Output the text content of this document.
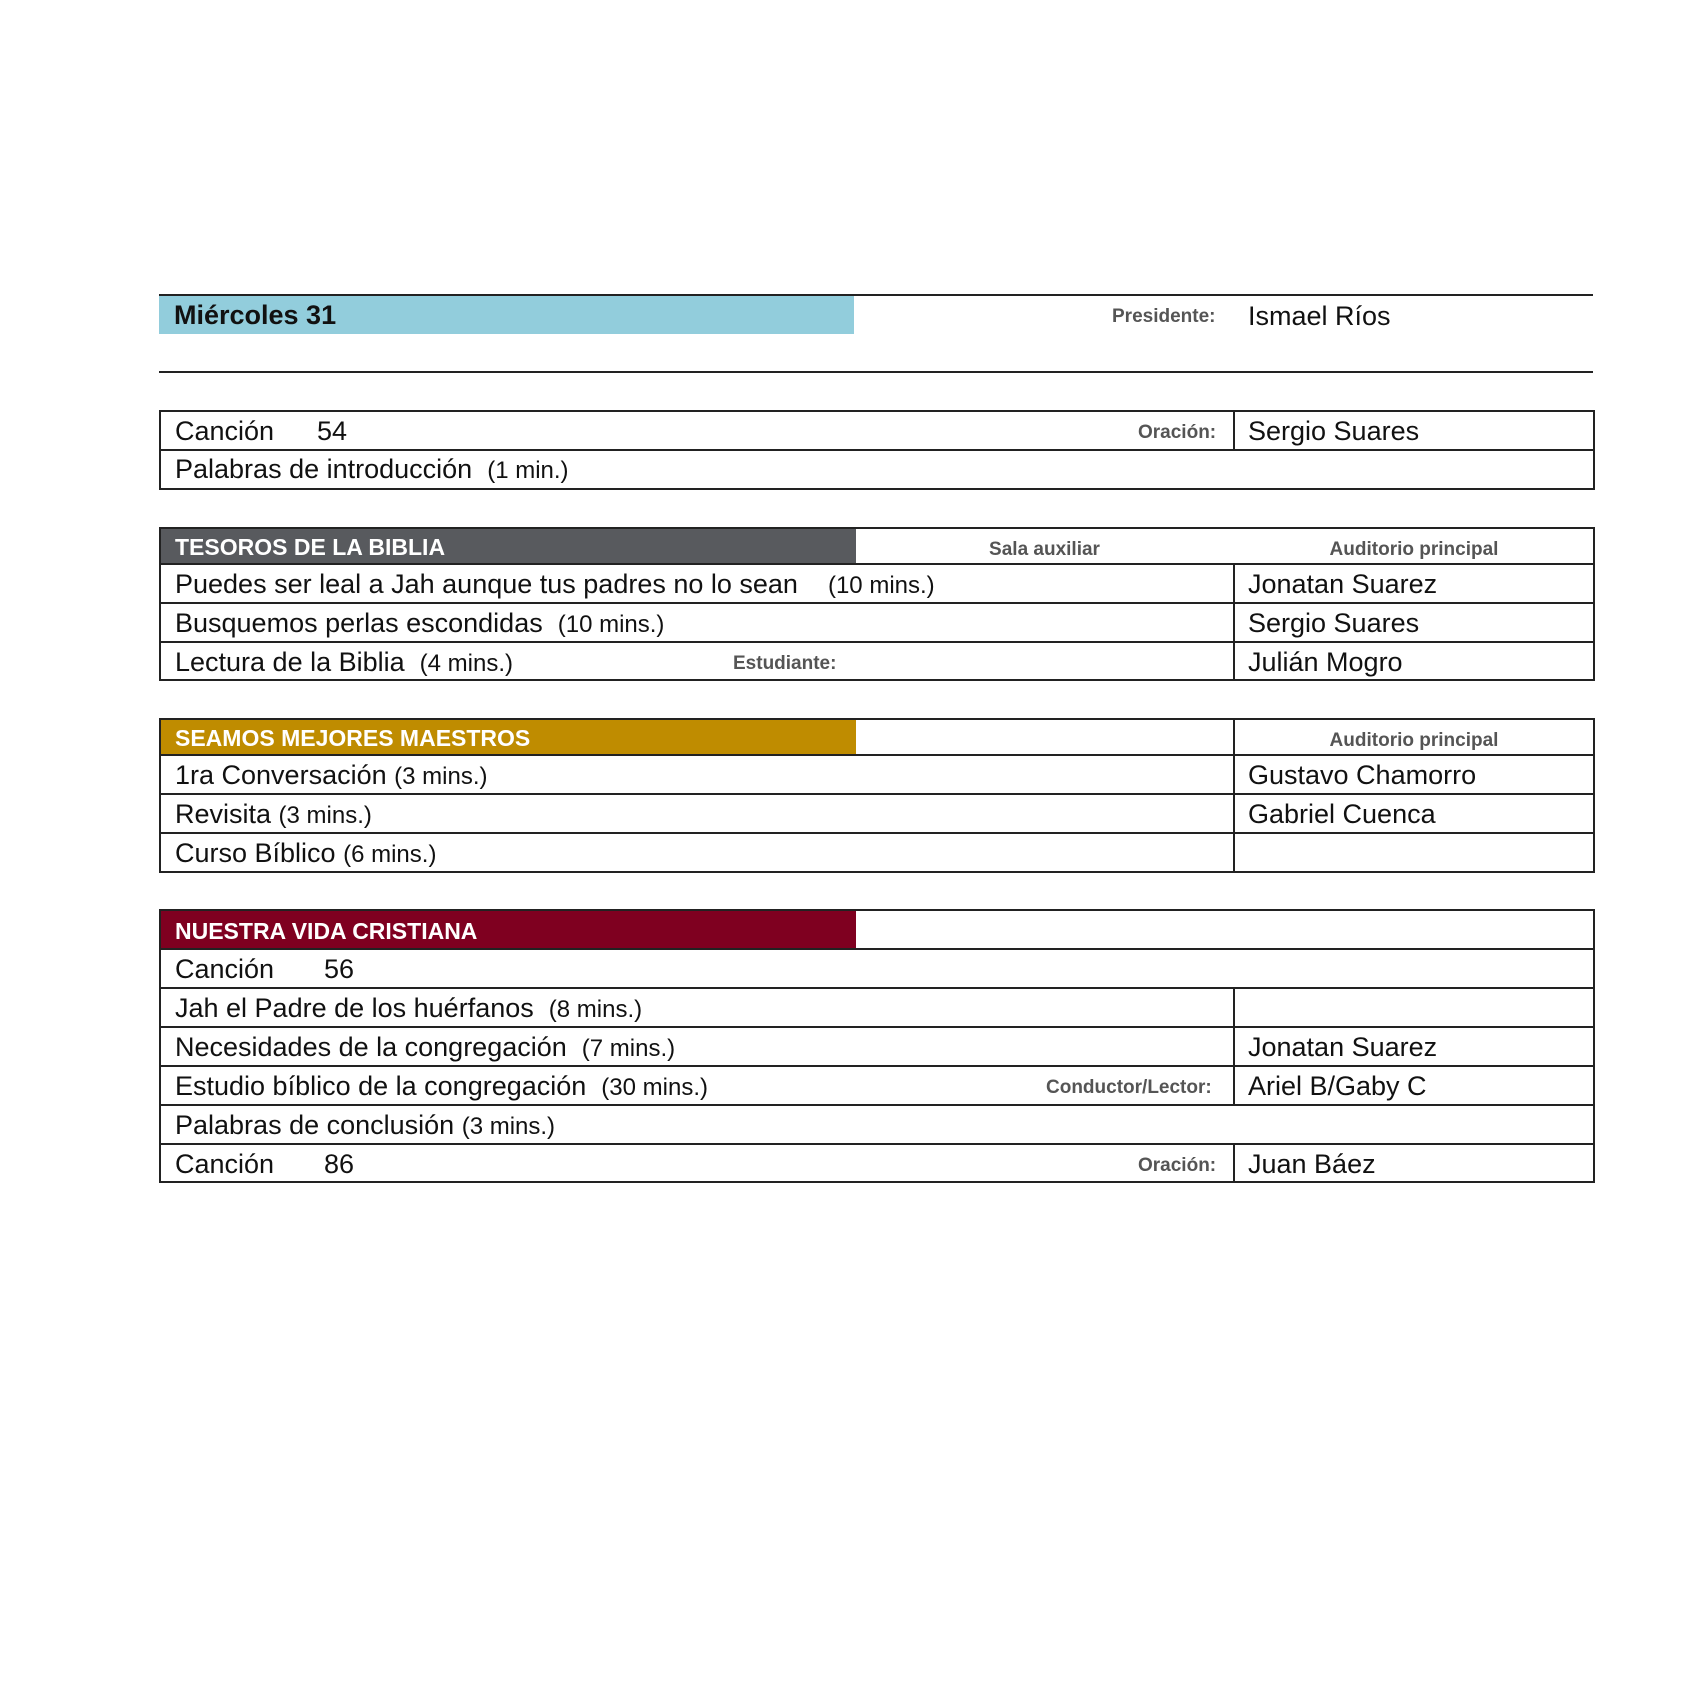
Miércoles 31	Presidente: Ismael Ríos
Canción 54	Oración: Sergio Suares
Palabras de introducción (1 min.)
TESOROS DE LA BIBLIA	Sala auxiliar	Auditorio principal
Puedes ser leal a Jah aunque tus padres no lo sean (10 mins.)	Jonatan Suarez
Busquemos perlas escondidas (10 mins.)	Sergio Suares
Lectura de la Biblia (4 mins.)	Estudiante:	Julián Mogro
SEAMOS MEJORES MAESTROS	Auditorio principal
1ra Conversación (3 mins.)	Gustavo Chamorro
Revisita (3 mins.)	Gabriel Cuenca
Curso Bíblico (6 mins.)
NUESTRA VIDA CRISTIANA
Canción 56
Jah el Padre de los huérfanos (8 mins.)
Necesidades de la congregación (7 mins.)	Jonatan Suarez
Estudio bíblico de la congregación (30 mins.)	Conductor/Lector: Ariel B/Gaby C
Palabras de conclusión (3 mins.)
Canción 86	Oración: Juan Báez
